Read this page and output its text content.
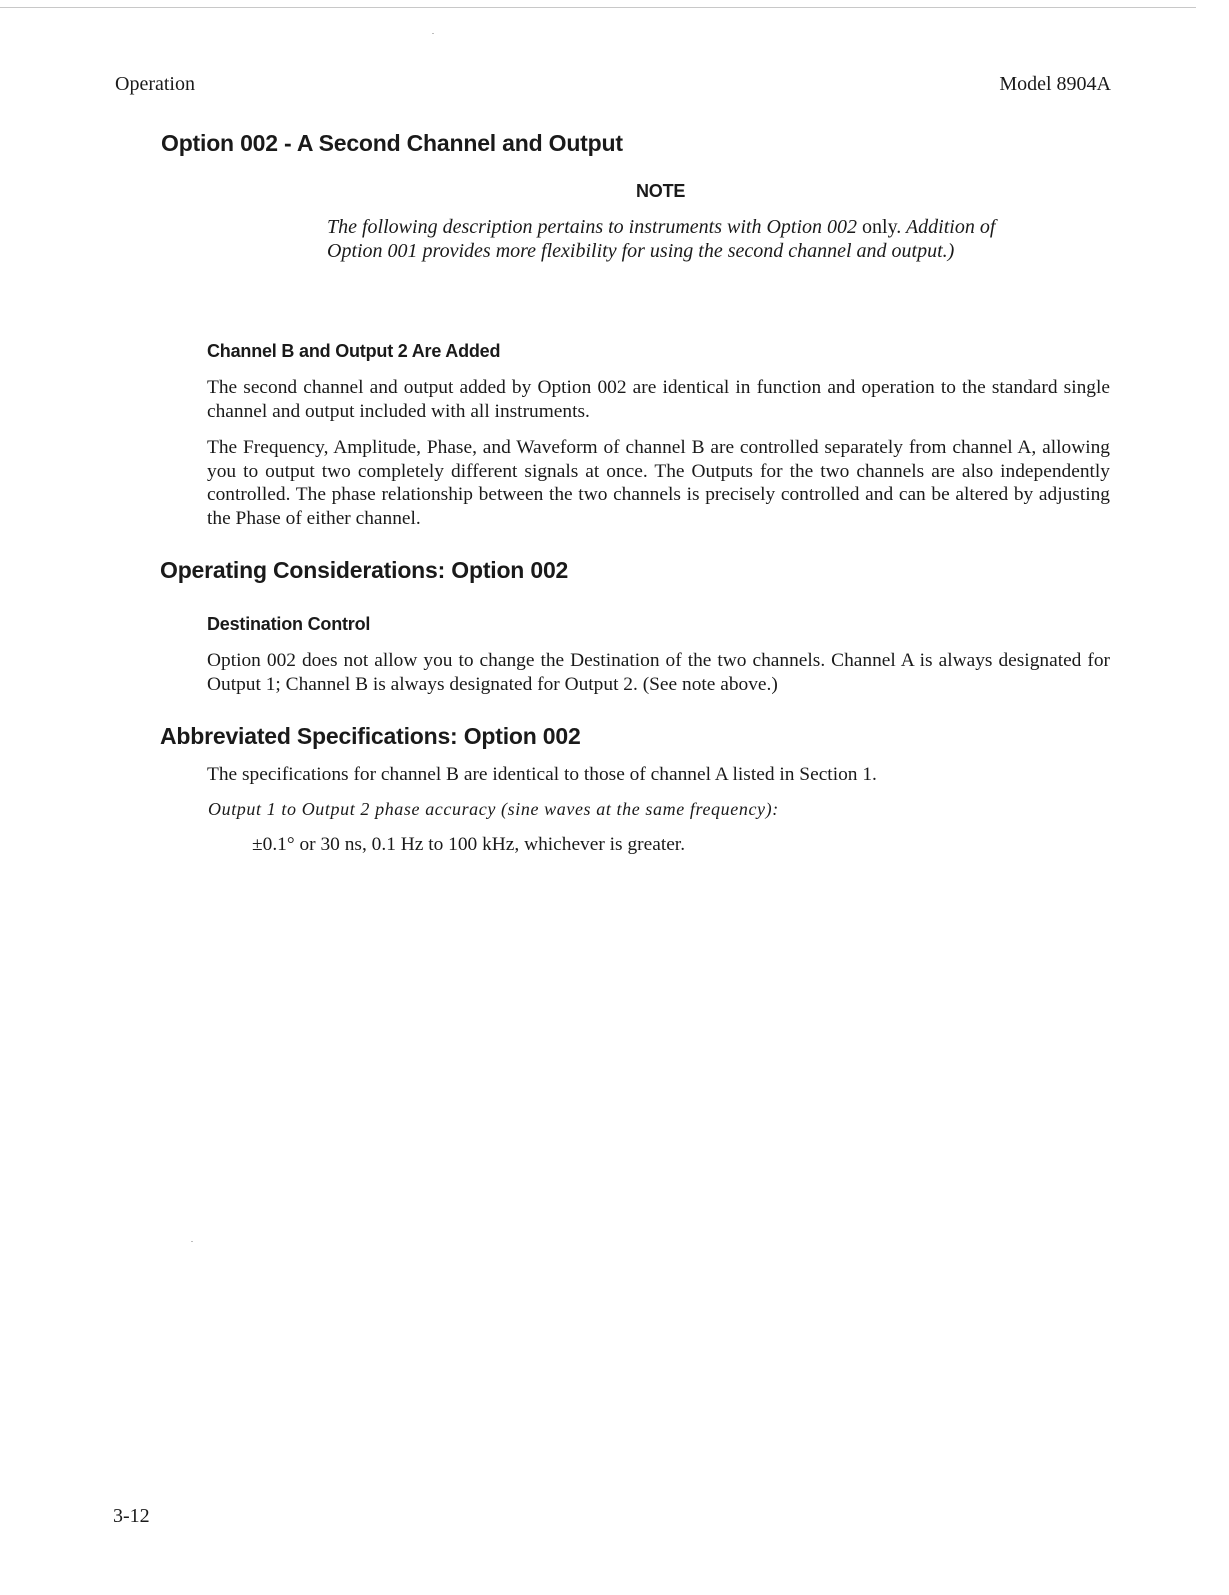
Operation	Model 8904A
Option 002 - A Second Channel and Output
NOTE
The following description pertains to instruments with Option 002 only. Addition of Option 001 provides more flexibility for using the second channel and output.)
Channel B and Output 2 Are Added
The second channel and output added by Option 002 are identical in function and operation to the standard single channel and output included with all instruments.
The Frequency, Amplitude, Phase, and Waveform of channel B are controlled separately from channel A, allowing you to output two completely different signals at once. The Outputs for the two channels are also independently controlled. The phase relationship between the two channels is precisely controlled and can be altered by adjusting the Phase of either channel.
Operating Considerations: Option 002
Destination Control
Option 002 does not allow you to change the Destination of the two channels. Channel A is always designated for Output 1; Channel B is always designated for Output 2. (See note above.)
Abbreviated Specifications: Option 002
The specifications for channel B are identical to those of channel A listed in Section 1.
Output 1 to Output 2 phase accuracy (sine waves at the same frequency):
±0.1° or 30 ns, 0.1 Hz to 100 kHz, whichever is greater.
3-12
